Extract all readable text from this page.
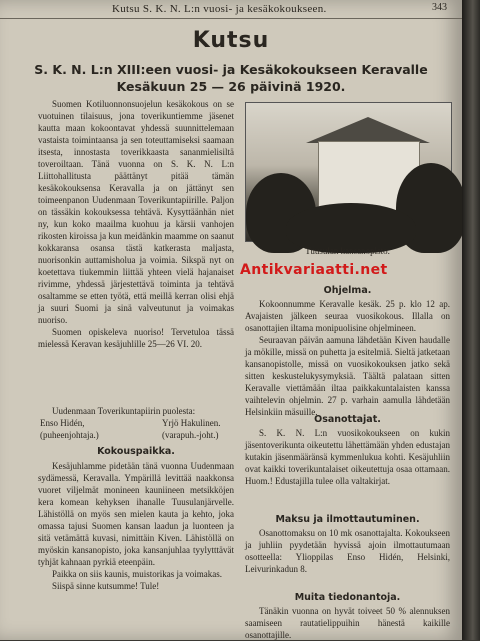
Kutsu S. K. N. L:n vuosi- ja kesäkokoukseen.	343
Kutsu
S. K. N. L:n XIII:een vuosi- ja Kesäkokoukseen Keravalle
Kesäkuun 25 — 26 päivinä 1920.

Suomen Kotiluonnonsuojelun kesäkokous on se vuotuinen tilaisuus, jona toverikuntiemme jäsenet kautta maan kokoontavat yhdessä suunnittelemaan vastaista toimintaansa ja sen toteuttamiseksi saamaan itsesta, innostasta toverikkaasta sananmielisiltä toveroiltaan. Tänä vuonna on S. K. N. L:n Liittohallitusta päättänyt pitää tämän kesäkokouksensa Keravalla ja on jättänyt sen toimeenpanon Uudenmaan Toverikuntapiirille. Paljon on tässäkin kokouksessa tehtävä. Kysyttäänhän niet ny, kun koko maailma kuohuu ja kärsii vanhojen rikosten kiroissa ja kun meidänkin maamme on saanut kokkaransa osansa tästä katkerasta maljasta, nuorisonkin auttamisholua ja voimia. Sikspä nyt on koetettava tiukemmin liittää yhteen vielä hajanaiset rivimme, yhdessä järjestettävä toiminta ja tehtävä osaltamme se etten työtä, että meillä kerran olisi ehjä ja suuri Suomi ja sinä valveutunut ja voimakas nuoriso.

Suomen opiskeleva nuoriso! Tervetuloa tässä mielessä Keravan kesäjuhlille 25—26 VI. 20.

Uudenmaan Toverikuntapiirin puolesta:
Enso Hidén,	Yrjö Hakulinen.
(puheenjohtaja.)	(varapuh.-joht.)
Kokouspaikka.

Kesäjuhlamme pidetään tänä vuonna Uudenmaan sydämessä, Keravalla. Ympärillä levittää naakkonsa vuoret viljelmät monineen kauniineen metsikköjen kera komean kehyksen ihanalle Tuusulanjärvelle. Lähistöllä on myös sen mielen kauta ja kehto, joka omassa tajusi Suomen kansan laadun ja luonteen ja sitä vetämättä kuvasi, nimittäin Kiven. Lähistöllä on myöskin kansanopisto, joka kansanjuhlaa tyylytttävät tyhjät kahnaan pyrkiä eteenpäin.

Paikka on siis kaunis, muistorikas ja voimakas.

Siispä sinne kutsumme! Tule!

Tuusulan kansanopisto.
Antikvariaatti.net
Ohjelma.

Kokoonnumme Keravalle kesäk. 25 p. klo 12 ap. Avajaisten jälkeen seuraa vuosikokous. Illalla on osanottajien iltama monipuolisine ohjelmineen.

Seuraavan päivän aamuna lähdetään Kiven haudalle ja mökille, missä on puhetta ja esitelmiä. Sieltä jatketaan kansanopistolle, missä on vuosikokouksen jatko sekä sitten keskustelukysymyksiä. Täältä palataan sitten Keravalle viettämään iltaa paikkakuntalaisten kanssa vaihtelevin ohjelmin. 27 p. varhain aamulla lähdetään Helsinkiin mäsuille.

Osanottajat.

S. K. N. L:n vuosikokoukseen on kukin jäsentoverikunta oikeutettu lähettämään yhden edustajan kutakin jäsenmääränsä kymmenlukua kohti. Kesäjuhliin ovat kaikki toverikuntalaiset oikeutettuja osaa ottamaan. Huom.! Edustajilla tulee olla valtakirjat.

Maksu ja ilmottautuminen.

Osanottomaksu on 10 mk osanottajalta. Kokoukseen ja juhliin pyydetään hyvissä ajoin ilmottautumaan osotteella: Ylioppilas Enso Hidén, Helsinki, Leivurinkadun 8.

Muita tiedonantoja.

Tänäkin vuonna on hyvät toiveet 50 % alennuksen saamiseen rautatielippuihin hänestä kaikille osanottajille.
